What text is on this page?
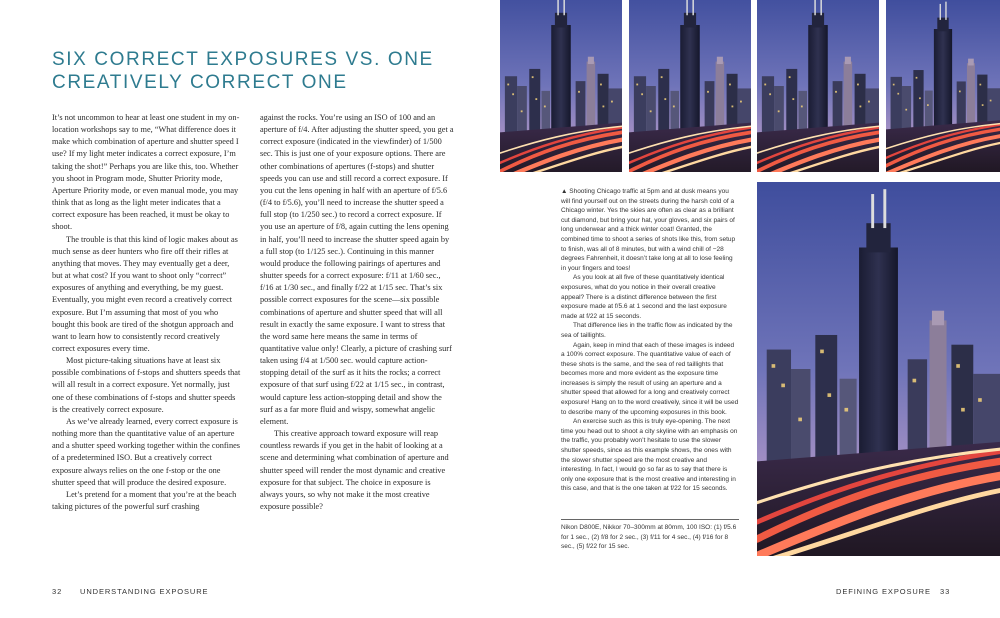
SIX CORRECT EXPOSURES VS. ONE CREATIVELY CORRECT ONE

It’s not uncommon to hear at least one student in my on-location workshops say to me, “What difference does it make which combination of aperture and shutter speed I use? If my light meter indicates a correct exposure, I’m taking the shot!” Perhaps you are like this, too. Whether you shoot in Program mode, Shutter Priority mode, Aperture Priority mode, or even manual mode, you may think that as long as the light meter indicates that a correct exposure has been reached, it must be okay to shoot.

The trouble is that this kind of logic makes about as much sense as deer hunters who fire off their rifles at anything that moves. They may eventually get a deer, but at what cost? If you want to shoot only “correct” exposures of anything and everything, be my guest. Eventually, you might even record a creatively correct exposure. But I’m assuming that most of you who bought this book are tired of the shotgun approach and want to learn how to consistently record creatively correct exposures every time.

Most picture-taking situations have at least six possible combinations of f-stops and shutters speeds that will all result in a correct exposure. Yet normally, just one of these combinations of f-stops and shutter speeds is the creatively correct exposure.

As we’ve already learned, every correct exposure is nothing more than the quantitative value of an aperture and a shutter speed working together within the confines of a predetermined ISO. But a creatively correct exposure always relies on the one f-stop or the one shutter speed that will produce the desired exposure.

Let’s pretend for a moment that you’re at the beach taking pictures of the powerful surf crashing

against the rocks. You’re using an ISO of 100 and an aperture of f/4. After adjusting the shutter speed, you get a correct exposure (indicated in the viewfinder) of 1/500 sec. This is just one of your exposure options. There are other combinations of apertures (f-stops) and shutter speeds you can use and still record a correct exposure. If you cut the lens opening in half with an aperture of f/5.6 (f/4 to f/5.6), you’ll need to increase the shutter speed a full stop (to 1/250 sec.) to record a correct exposure. If you use an aperture of f/8, again cutting the lens opening in half, you’ll need to increase the shutter speed again by a full stop (to 1/125 sec.). Continuing in this manner would produce the following pairings of apertures and shutter speeds for a correct exposure: f/11 at 1/60 sec., f/16 at 1/30 sec., and finally f/22 at 1/15 sec. That’s six possible correct exposures for the scene—six possible combinations of aperture and shutter speed that will all result in exactly the same exposure. I want to stress that the word same here means the same in terms of quantitative value only! Clearly, a picture of crashing surf taken using f/4 at 1/500 sec. would capture action-stopping detail of the surf as it hits the rocks; a correct exposure of that surf using f/22 at 1/15 sec., in contrast, would capture less action-stopping detail and show the surf as a far more fluid and wispy, somewhat angelic element.

This creative approach toward exposure will reap countless rewards if you get in the habit of looking at a scene and determining what combination of aperture and shutter speed will render the most dynamic and creative exposure for that subject. The choice in exposure is always yours, so why not make it the most creative exposure possible?

32 UNDERSTANDING EXPOSURE

▲ Shooting Chicago traffic at 5pm and at dusk means you will find yourself out on the streets during the harsh cold of a Chicago winter. Yes the skies are often as clear as a brilliant cut diamond, but bring your hat, your gloves, and six pairs of long underwear and a thick winter coat! Granted, the combined time to shoot a series of shots like this, from setup to finish, was all of 8 minutes, but with a wind chill of −28 degrees Fahrenheit, it doesn’t take long at all to lose feeling in your fingers and toes!

As you look at all five of these quantitatively identical exposures, what do you notice in their overall creative appeal? There is a distinct difference between the first exposure made at f/5.6 at 1 second and the last exposure made at f/22 at 15 seconds.

That difference lies in the traffic flow as indicated by the sea of taillights.

Again, keep in mind that each of these images is indeed a 100% correct exposure. The quantitative value of each of these shots is the same, and the sea of red taillights that becomes more and more evident as the exposure time increases is simply the result of using an aperture and a shutter speed that allowed for a long and creatively correct exposure! Hang on to the word creatively, since it will be used to describe many of the upcoming exposures in this book.

An exercise such as this is truly eye-opening. The next time you head out to shoot a city skyline with an emphasis on the traffic, you probably won’t hesitate to use the slower shutter speeds, since as this example shows, the ones with the slower shutter speed are the most creative and interesting. In fact, I would go so far as to say that there is only one exposure that is the most creative and interesting in this case, and that is the one taken at f/22 for 15 seconds.

Nikon D800E, Nikkor 70–300mm at 80mm, 100 ISO: (1) f/5.6 for 1 sec., (2) f/8 for 2 sec., (3) f/11 for 4 sec., (4) f/16 for 8 sec., (5) f/22 for 15 sec.
DEFINING EXPOSURE 33
